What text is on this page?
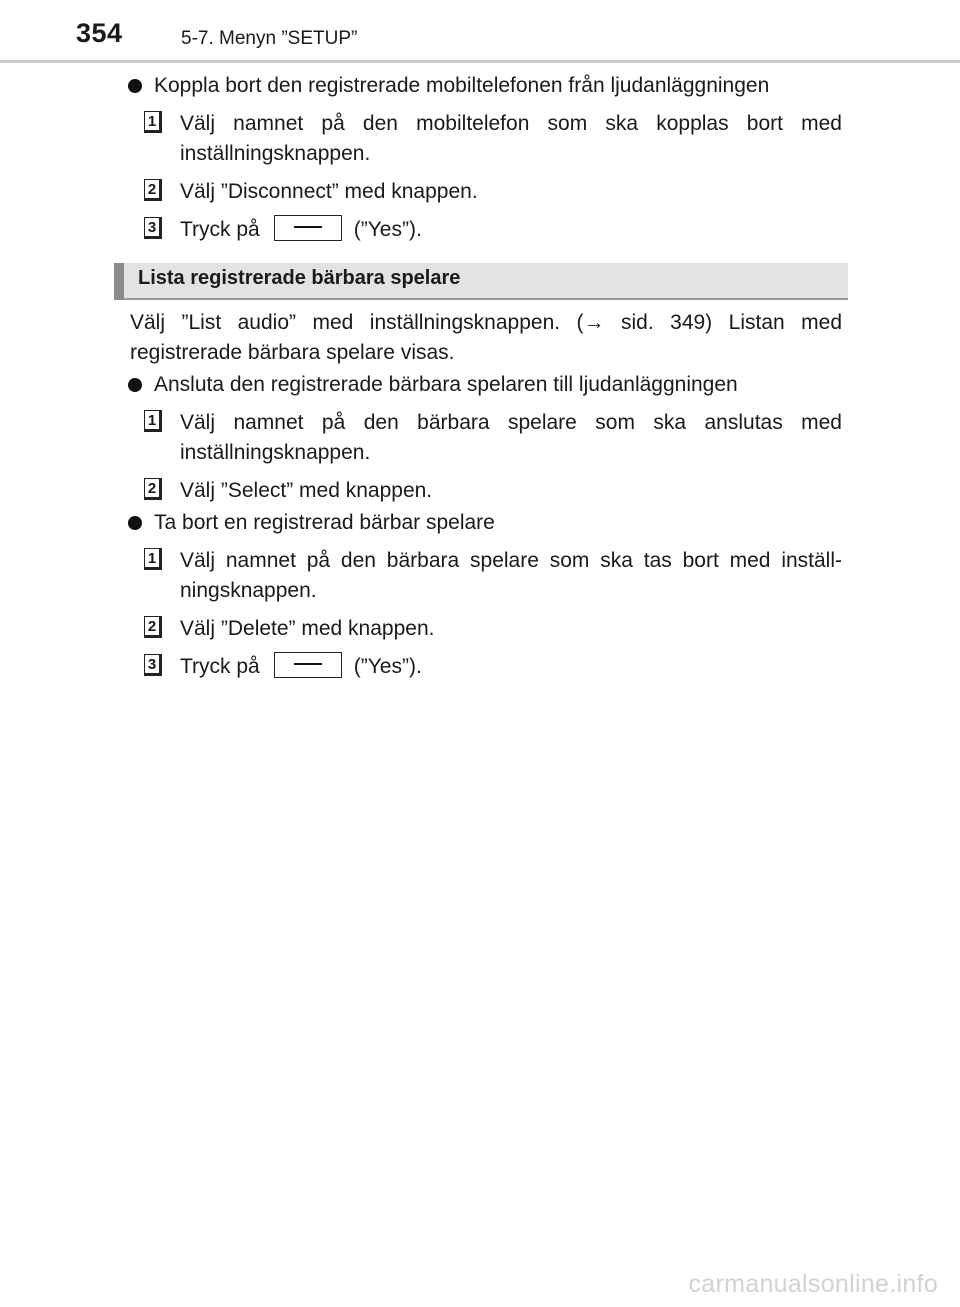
354	5-7. Menyn ”SETUP”
Koppla bort den registrerade mobiltelefonen från ljudanläggningen
1 Välj namnet på den mobiltelefon som ska kopplas bort med
inställningsknappen.
2 Välj ”Disconnect” med knappen.
3 Tryck på	(”Yes”).
Lista registrerade bärbara spelare
Välj ”List audio” med inställningsknappen. (→ sid. 349) Listan med
registrerade bärbara spelare visas.
Ansluta den registrerade bärbara spelaren till ljudanläggningen
1 Välj namnet på den bärbara spelare som ska anslutas med
inställningsknappen.
2 Välj ”Select” med knappen.
Ta bort en registrerad bärbar spelare
1 Välj namnet på den bärbara spelare som ska tas bort med inställ-
ningsknappen.
2 Välj ”Delete” med knappen.
3 Tryck på	(”Yes”).
carmanualsonline.info
